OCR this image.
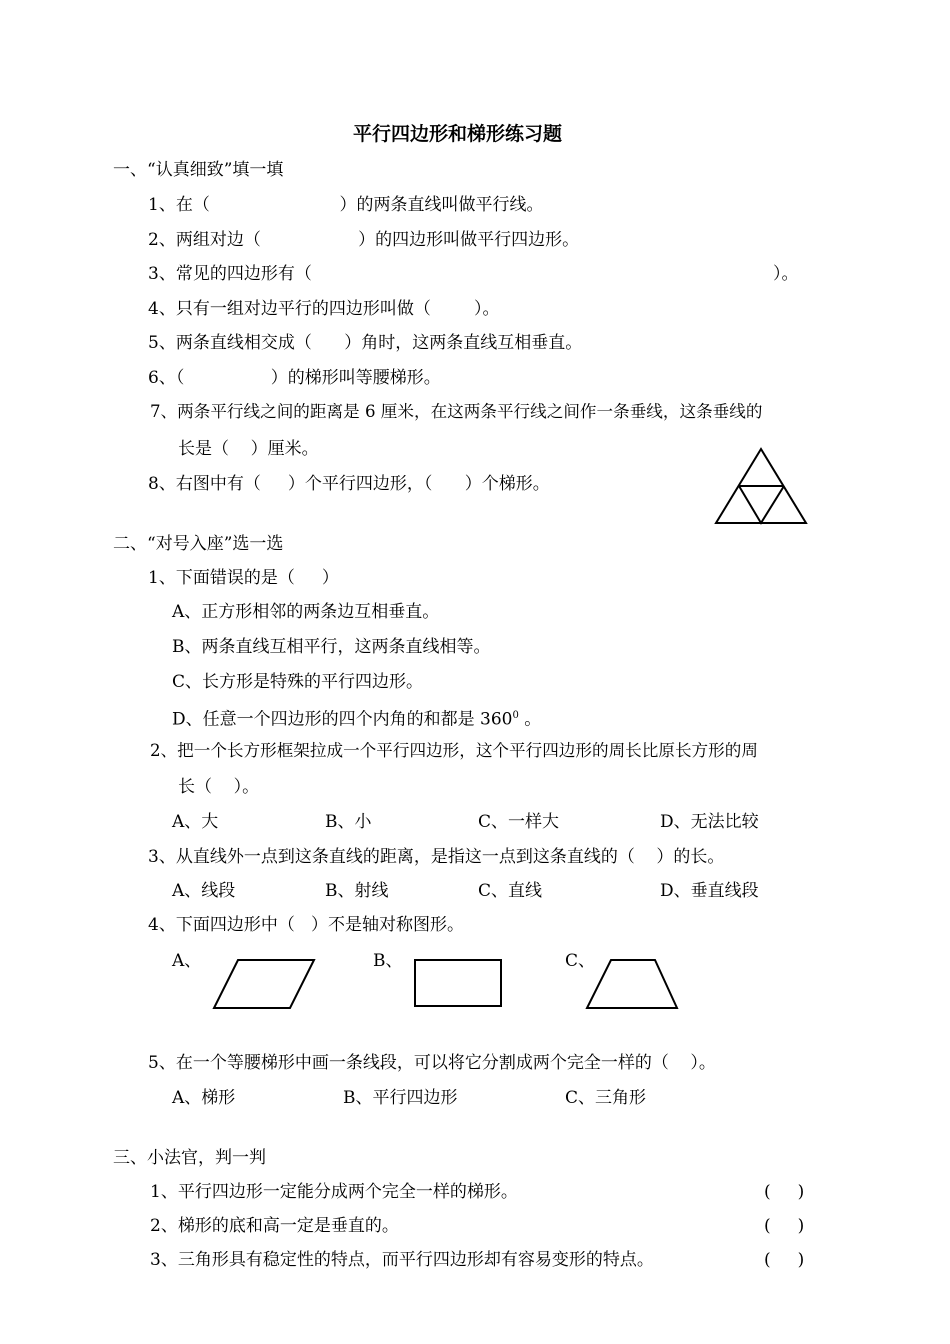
平行四边形和梯形练习题
一、“认真细致”填一填
1、在（                        ）的两条直线叫做平行线。
2、两组对边（                  ）的四边形叫做平行四边形。
3、常见的四边形有（	）。
4、只有一组对边平行的四边形叫做（        ）。
5、两条直线相交成（      ）角时，这两条直线互相垂直。
6、（                ）的梯形叫等腰梯形。
7、两条平行线之间的距离是 6 厘米，在这两条平行线之间作一条垂线，这条垂线的
长是（    ）厘米。
8、右图中有（     ）个平行四边形，（      ）个梯形。
二、“对号入座”选一选
1、下面错误的是（     ）
A、正方形相邻的两条边互相垂直。
B、两条直线互相平行，这两条直线相等。
C、长方形是特殊的平行四边形。
D、任意一个四边形的四个内角的和都是 $360^0$ 。
2、把一个长方形框架拉成一个平行四边形，这个平行四边形的周长比原长方形的周
长（    ）。
A、大	B、小	C、一样大	D、无法比较
3、从直线外一点到这条直线的距离，是指这一点到这条直线的（    ）的长。
A、线段	B、射线	C、直线	D、垂直线段
4、下面四边形中（   ）不是轴对称图形。
A、	B、	C、
5、在一个等腰梯形中画一条线段，可以将它分割成两个完全一样的（    ）。
A、梯形	B、平行四边形	C、三角形
三、小法官，判一判
1、平行四边形一定能分成两个完全一样的梯形。	(     )
2、梯形的底和高一定是垂直的。	(     )
3、三角形具有稳定性的特点，而平行四边形却有容易变形的特点。	(     )
